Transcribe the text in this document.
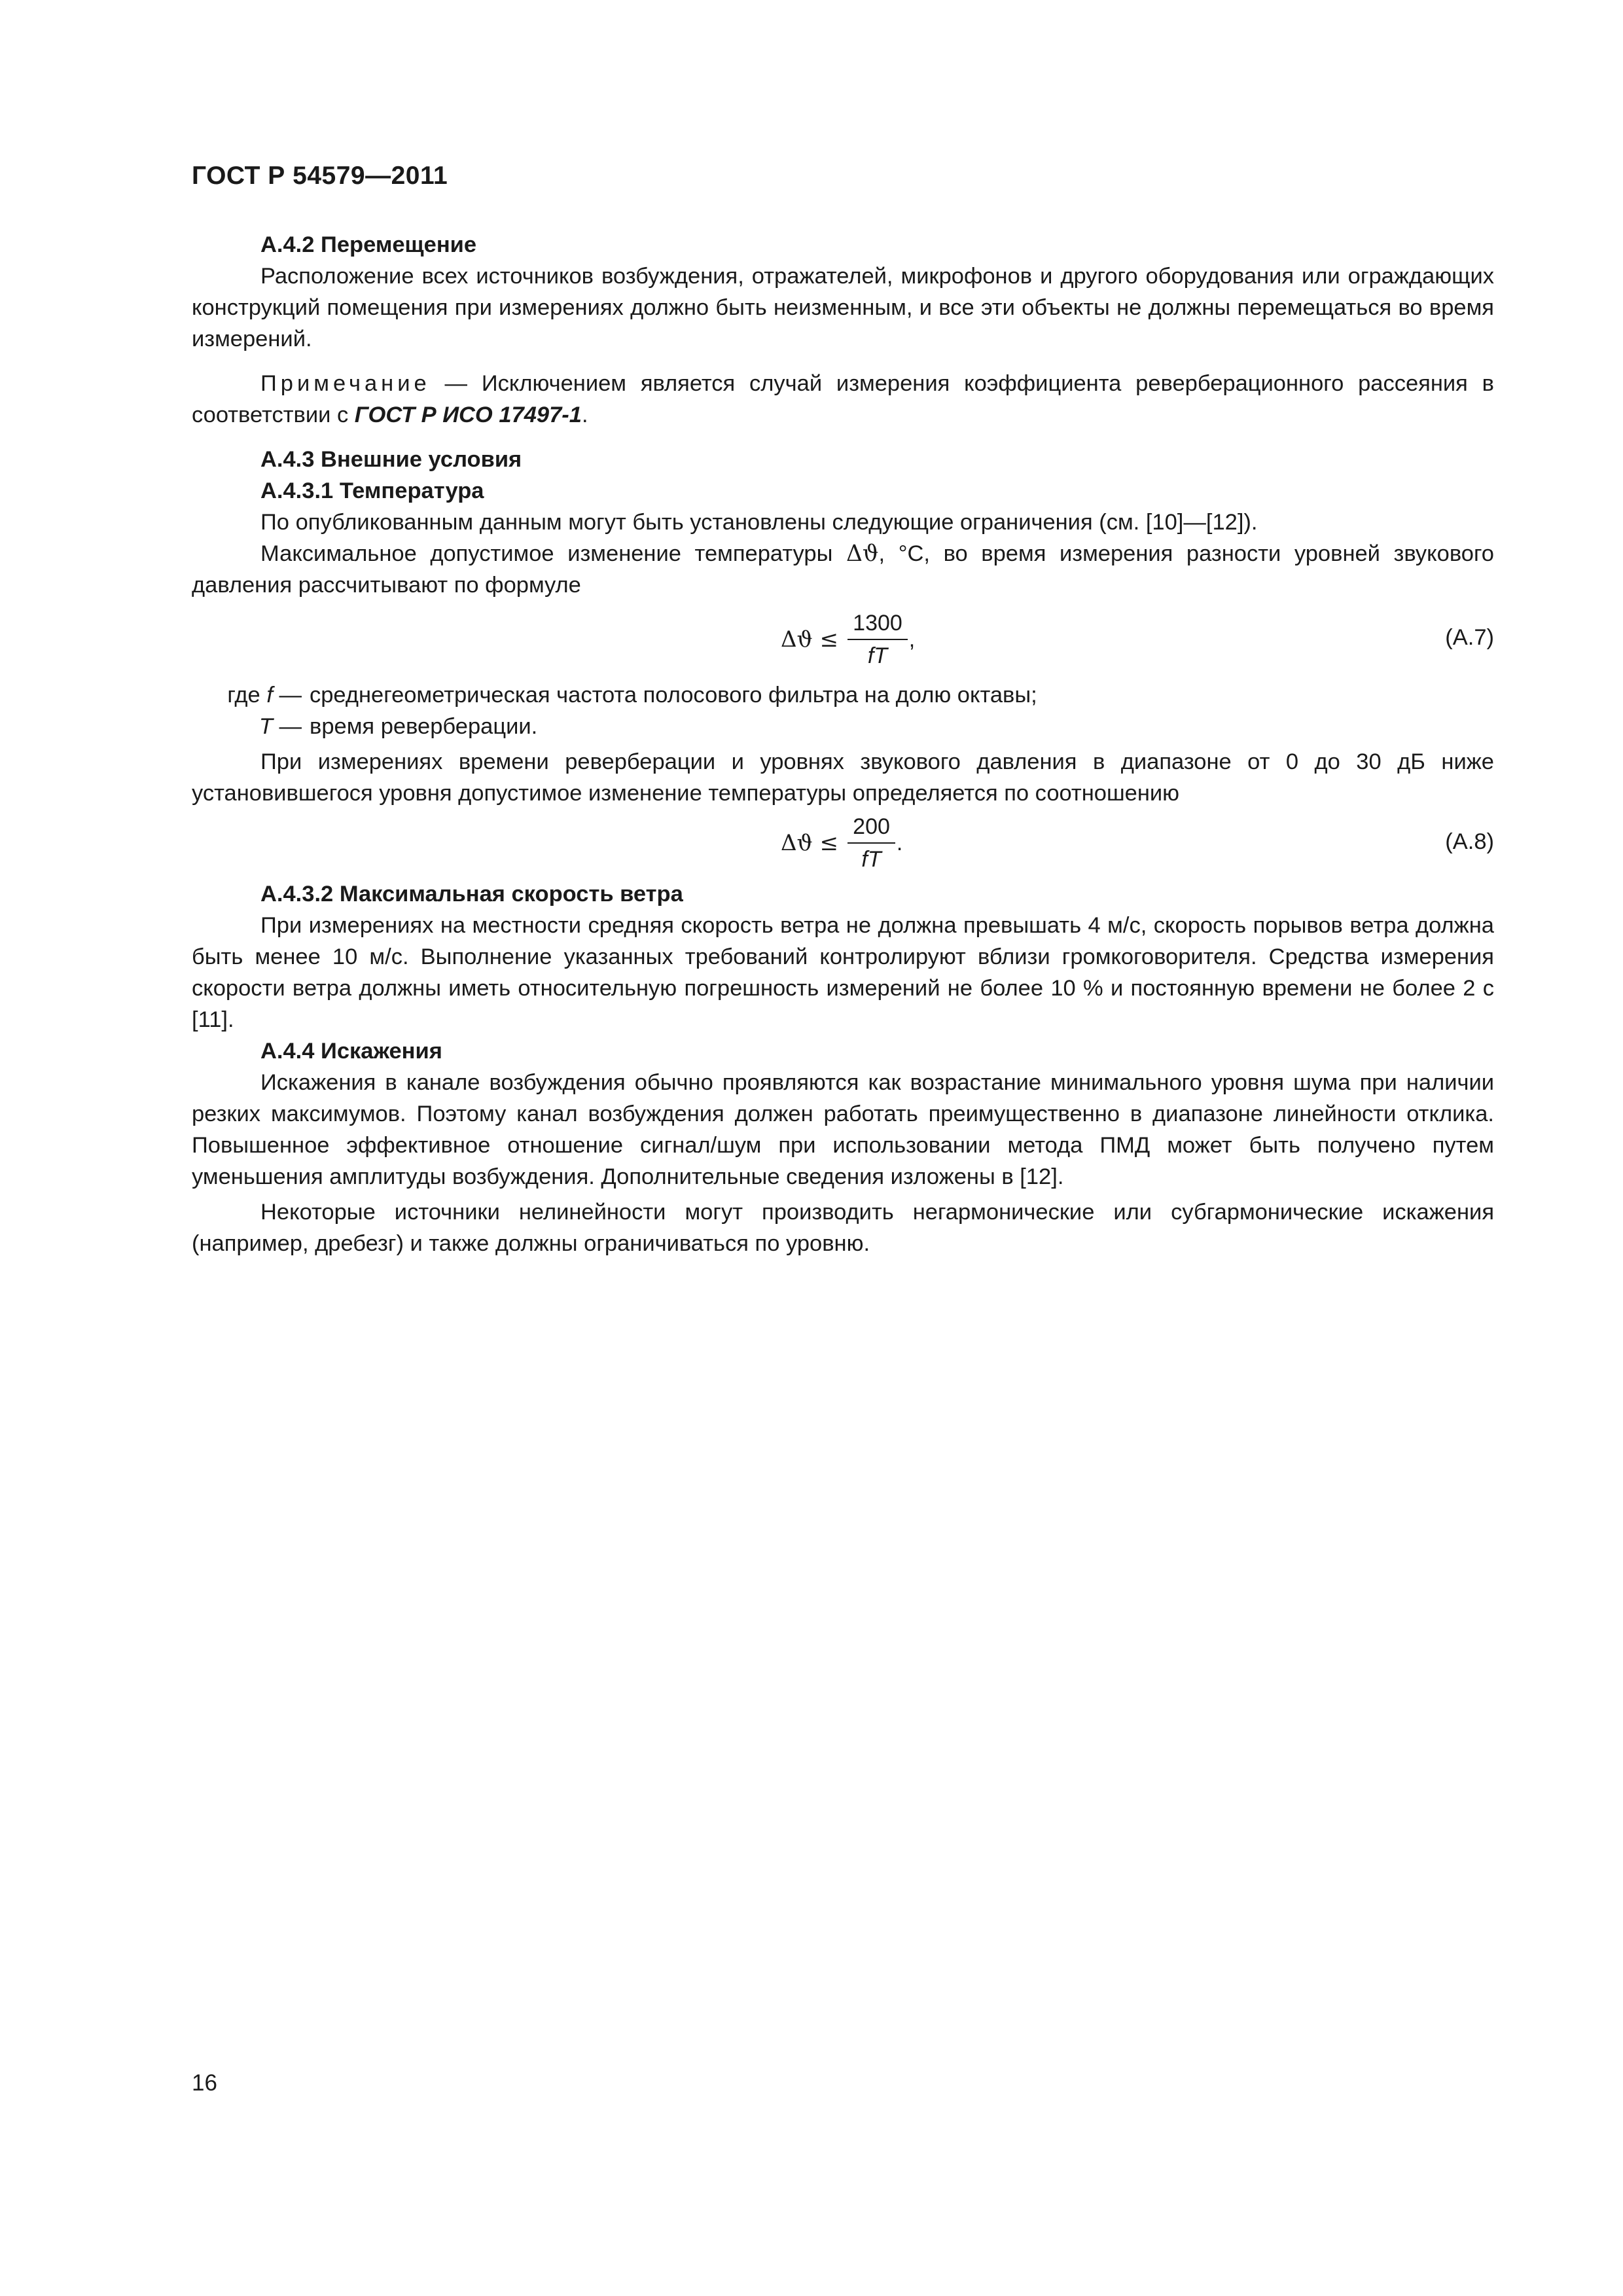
ГОСТ Р 54579—2011

А.4.2 Перемещение

Расположение всех источников возбуждения, отражателей, микрофонов и другого оборудования или ограждающих конструкций помещения при измерениях должно быть неизменным, и все эти объекты не должны перемещаться во время измерений.

Примечание — Исключением является случай измерения коэффициента реверберационного рассеяния в соответствии с ГОСТ Р ИСО 17497-1.

А.4.3 Внешние условия

А.4.3.1 Температура

По опубликованным данным могут быть установлены следующие ограничения (см. [10]—[12]).

Максимальное допустимое изменение температуры Δϑ, °С, во время измерения разности уровней звукового давления рассчитывают по формуле

$\Delta ϑ \le \frac{1300}{fT}$ ,	(А.7)
где f — среднегеометрическая частота полосового фильтра на долю октавы;
T — время реверберации.

При измерениях времени реверберации и уровнях звукового давления в диапазоне от 0 до 30 дБ ниже установившегося уровня допустимое изменение температуры определяется по соотношению

$\Delta ϑ \le \frac{200}{fT}$ .	(А.8)

А.4.3.2 Максимальная скорость ветра

При измерениях на местности средняя скорость ветра не должна превышать 4 м/с, скорость порывов ветра должна быть менее 10 м/с. Выполнение указанных требований контролируют вблизи громкоговорителя. Средства измерения скорости ветра должны иметь относительную погрешность измерений не более 10 % и постоянную времени не более 2 с [11].

А.4.4 Искажения

Искажения в канале возбуждения обычно проявляются как возрастание минимального уровня шума при наличии резких максимумов. Поэтому канал возбуждения должен работать преимущественно в диапазоне линейности отклика. Повышенное эффективное отношение сигнал/шум при использовании метода ПМД может быть получено путем уменьшения амплитуды возбуждения. Дополнительные сведения изложены в [12].

Некоторые источники нелинейности могут производить негармонические или субгармонические искажения (например, дребезг) и также должны ограничиваться по уровню.

16
